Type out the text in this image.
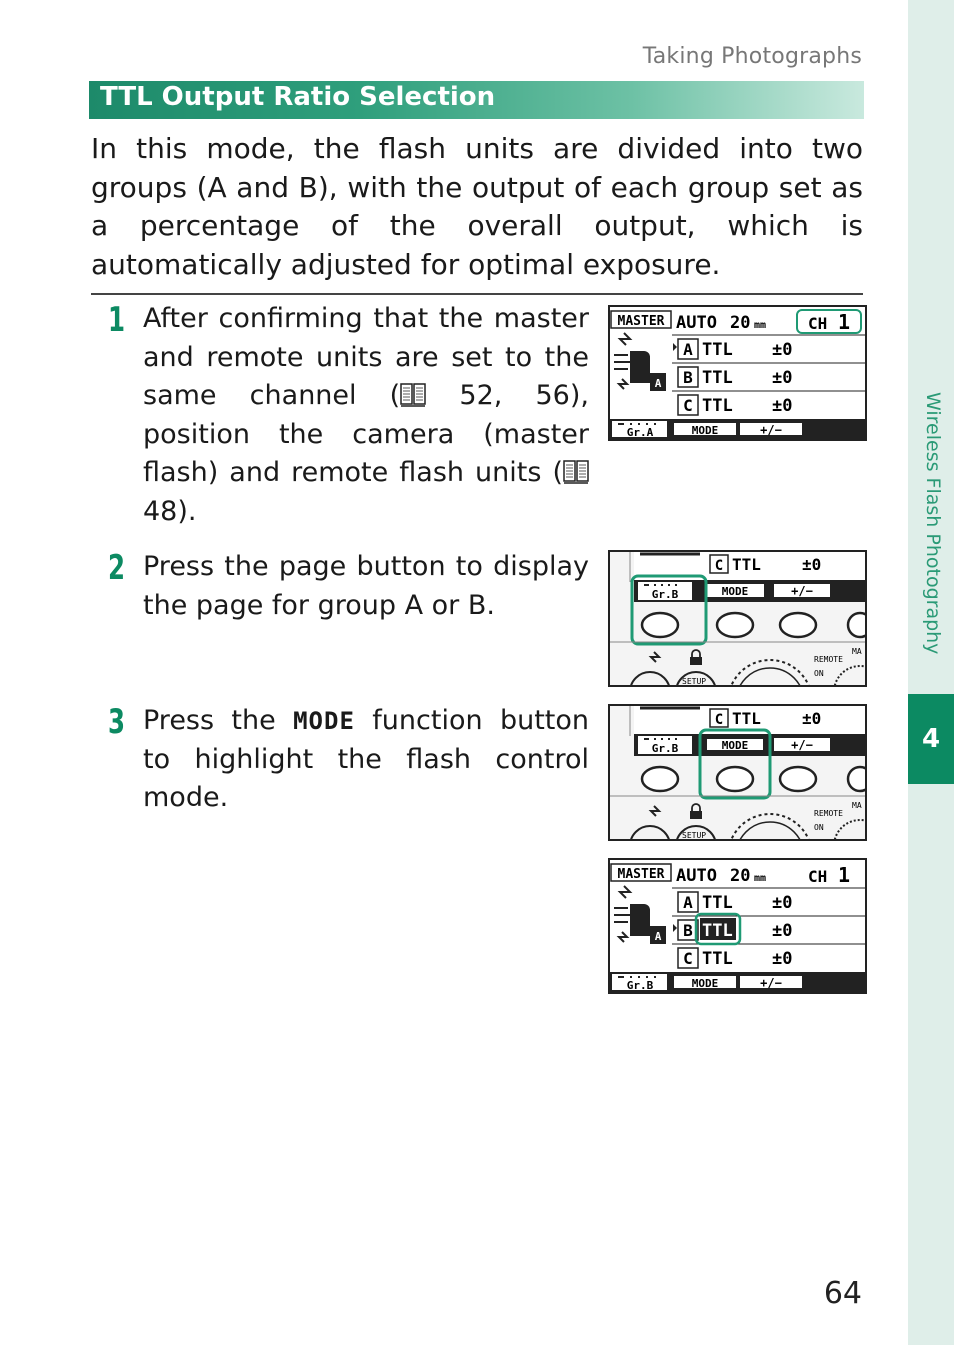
Taking Photographs
TTL Output Ratio Selection
In this mode, the flash units are divided into two groups (A and B), with the output of each group set as a percentage of the overall output, which is automatically adjusted for optimal exposure.
1 After confirming that the master and remote units are set to the same channel ( 52, 56), position the camera (master flash) and remote flash units ( 48).
2 Press the page button to display the page for group A or B.
3 Press the MODE function button to highlight the flash control mode.
MASTER AUTO 20 mm	CH 1
A
A TTL ±0
B TTL ±0
C TTL ±0
Gr.A	MODE	+/−
C TTL	±0
Gr.B	MODE	+/−
SETUP
REMOTE
ON
MA
C TTL	±0
Gr.B	MODE	+/−
SETUP
REMOTE
ON
MA
MASTER AUTO 20 mm	CH 1
A
A TTL ±0
B TTL ±0
C TTL ±0
Gr.B	MODE	+/−
Wireless Flash Photography
4
64
